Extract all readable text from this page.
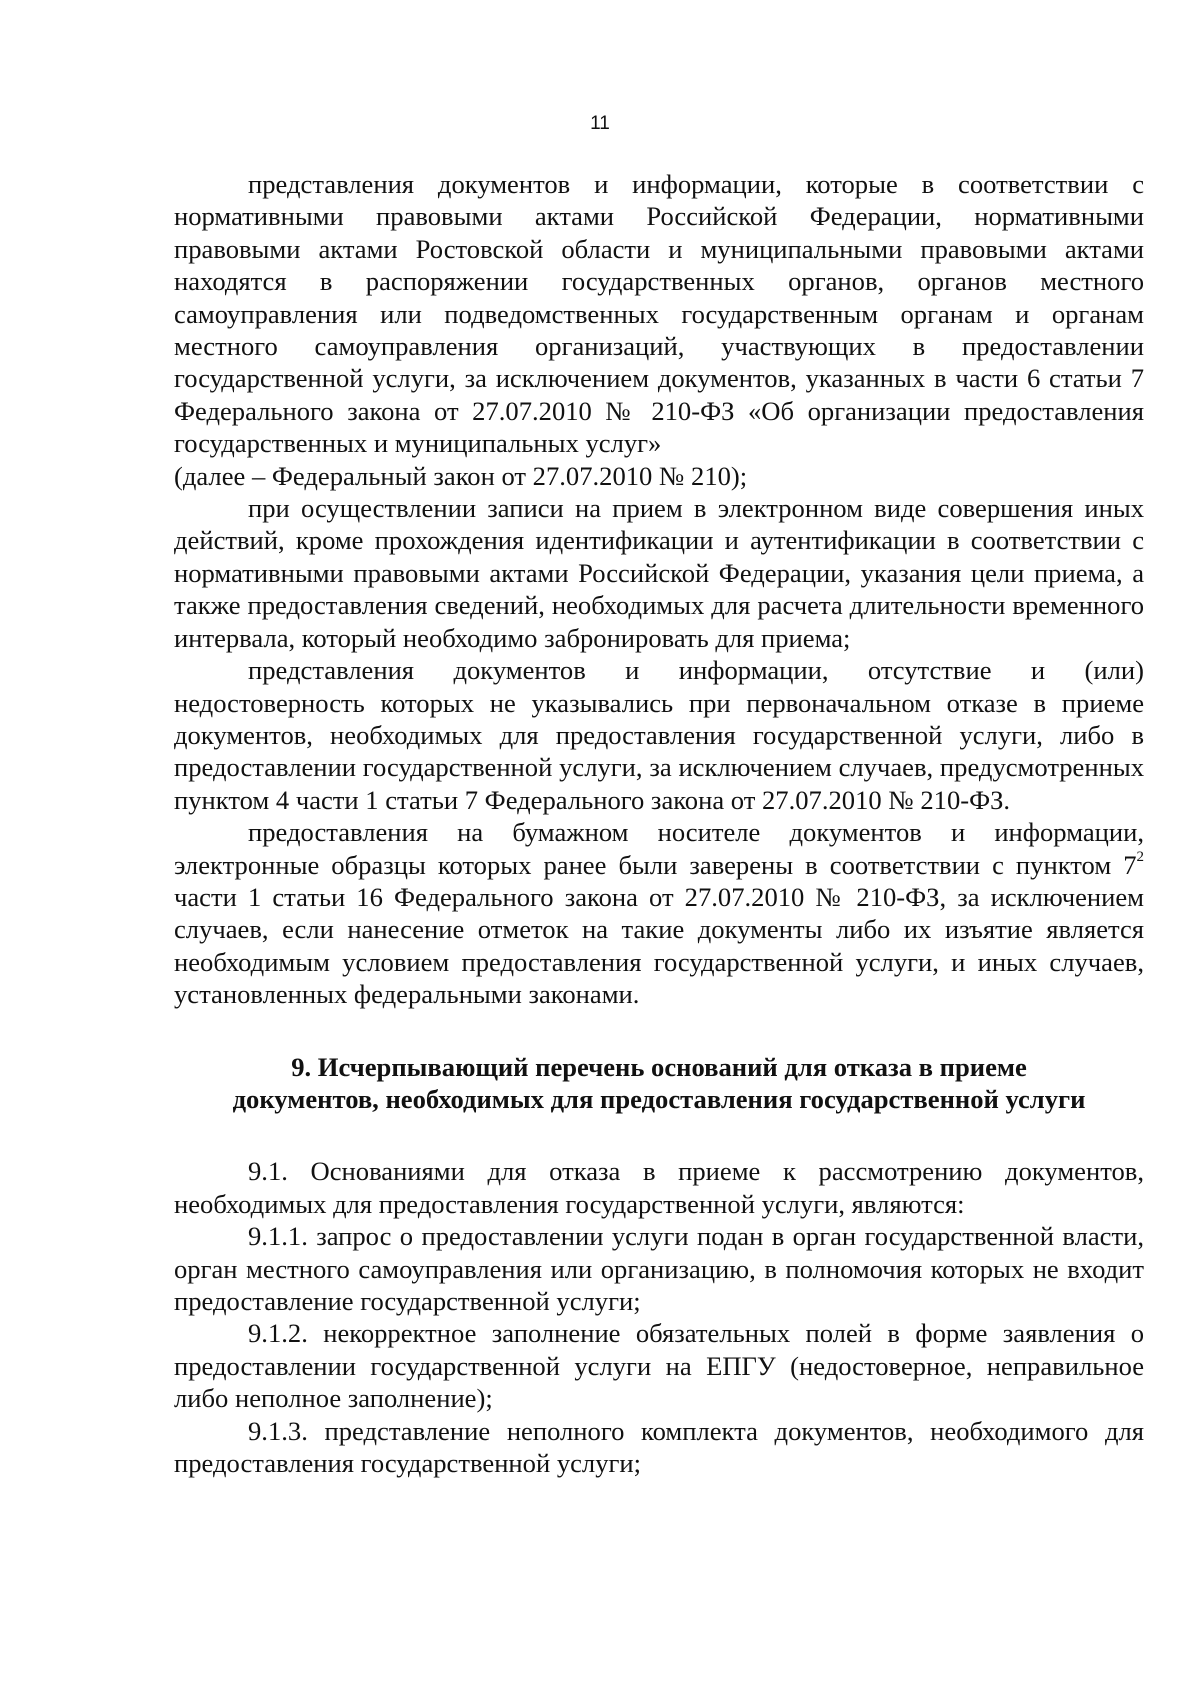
11

представления документов и информации, которые в соответствии с нормативными правовыми актами Российской Федерации, нормативными правовыми актами Ростовской области и муниципальными правовыми актами находятся в распоряжении государственных органов, органов местного самоуправления или подведомственных государственным органам и органам местного самоуправления организаций, участвующих в предоставлении государственной услуги, за исключением документов, указанных в части 6 статьи 7 Федерального закона от 27.07.2010 № 210-ФЗ «Об организации предоставления государственных и муниципальных услуг»
(далее – Федеральный закон от 27.07.2010 № 210);

при осуществлении записи на прием в электронном виде совершения иных действий, кроме прохождения идентификации и аутентификации в соответствии с нормативными правовыми актами Российской Федерации, указания цели приема, а также предоставления сведений, необходимых для расчета длительности временного интервала, который необходимо забронировать для приема;

представления документов и информации, отсутствие и (или) недостоверность которых не указывались при первоначальном отказе в приеме документов, необходимых для предоставления государственной услуги, либо в предоставлении государственной услуги, за исключением случаев, предусмотренных пунктом 4 части 1 статьи 7 Федерального закона от 27.07.2010 № 210-ФЗ.

предоставления на бумажном носителе документов и информации, электронные образцы которых ранее были заверены в соответствии с пунктом $7^2$ части 1 статьи 16 Федерального закона от 27.07.2010 № 210-ФЗ, за исключением случаев, если нанесение отметок на такие документы либо их изъятие является необходимым условием предоставления государственной услуги, и иных случаев, установленных федеральными законами.

9. Исчерпывающий перечень оснований для отказа в приеме
документов, необходимых для предоставления государственной услуги

9.1. Основаниями для отказа в приеме к рассмотрению документов, необходимых для предоставления государственной услуги, являются:

9.1.1. запрос о предоставлении услуги подан в орган государственной власти, орган местного самоуправления или организацию, в полномочия которых не входит предоставление государственной услуги;

9.1.2. некорректное заполнение обязательных полей в форме заявления о предоставлении государственной услуги на ЕПГУ (недостоверное, неправильное либо неполное заполнение);

9.1.3. представление неполного комплекта документов, необходимого для предоставления государственной услуги;
